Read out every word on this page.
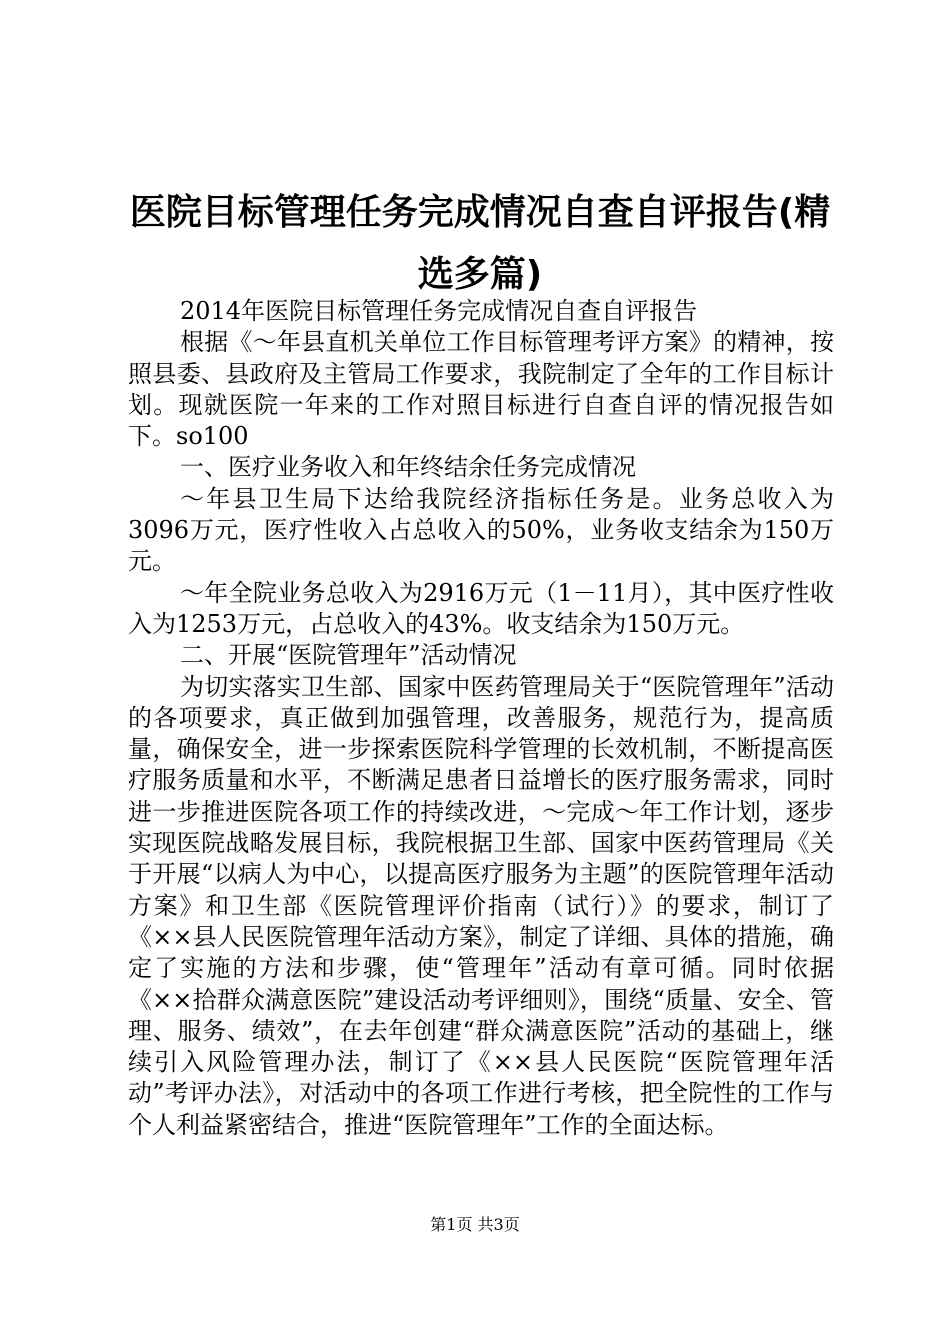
医院目标管理任务完成情况自查自评报告(精选多篇)

2014年医院目标管理任务完成情况自查自评报告

根据《～年县直机关单位工作目标管理考评方案》的精神，按照县委、县政府及主管局工作要求，我院制定了全年的工作目标计划。现就医院一年来的工作对照目标进行自查自评的情况报告如下。so100

一、医疗业务收入和年终结余任务完成情况

～年县卫生局下达给我院经济指标任务是。业务总收入为3096万元，医疗性收入占总收入的50%，业务收支结余为150万元。

～年全院业务总收入为2916万元（1－11月），其中医疗性收入为1253万元，占总收入的43%。收支结余为150万元。

二、开展“医院管理年”活动情况

为切实落实卫生部、国家中医药管理局关于“医院管理年”活动的各项要求，真正做到加强管理，改善服务，规范行为，提高质量，确保安全，进一步探索医院科学管理的长效机制，不断提高医疗服务质量和水平，不断满足患者日益增长的医疗服务需求，同时进一步推进医院各项工作的持续改进，～完成～年工作计划，逐步实现医院战略发展目标，我院根据卫生部、国家中医药管理局《关于开展“以病人为中心，以提高医疗服务为主题”的医院管理年活动方案》和卫生部《医院管理评价指南（试行）》的要求，制订了《××县人民医院管理年活动方案》，制定了详细、具体的措施，确定了实施的方法和步骤，使“管理年”活动有章可循。同时依据《××拾群众满意医院”建设活动考评细则》，围绕“质量、安全、管理、服务、绩效”，在去年创建“群众满意医院”活动的基础上，继续引入风险管理办法，制订了《××县人民医院“医院管理年活动”考评办法》，对活动中的各项工作进行考核，把全院性的工作与个人利益紧密结合，推进“医院管理年”工作的全面达标。

第1页 共3页
